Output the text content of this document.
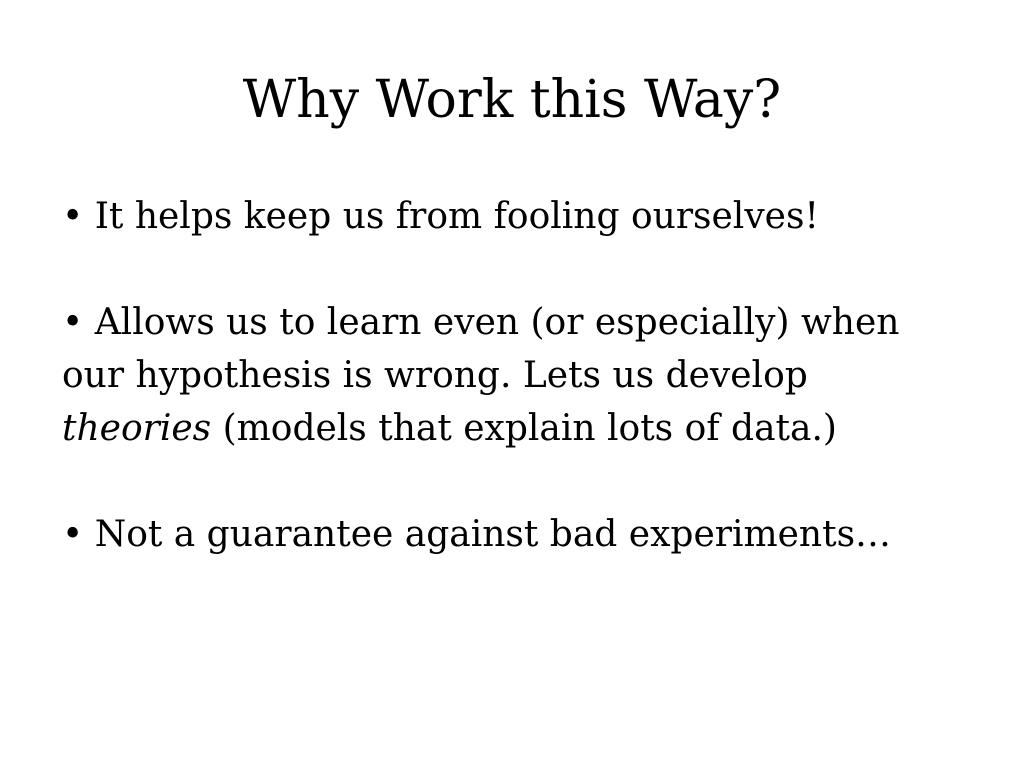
Why Work this Way?
• It helps keep us from fooling ourselves!
• Allows us to learn even (or especially) when our hypothesis is wrong. Lets us develop theories (models that explain lots of data.)
• Not a guarantee against bad experiments…
